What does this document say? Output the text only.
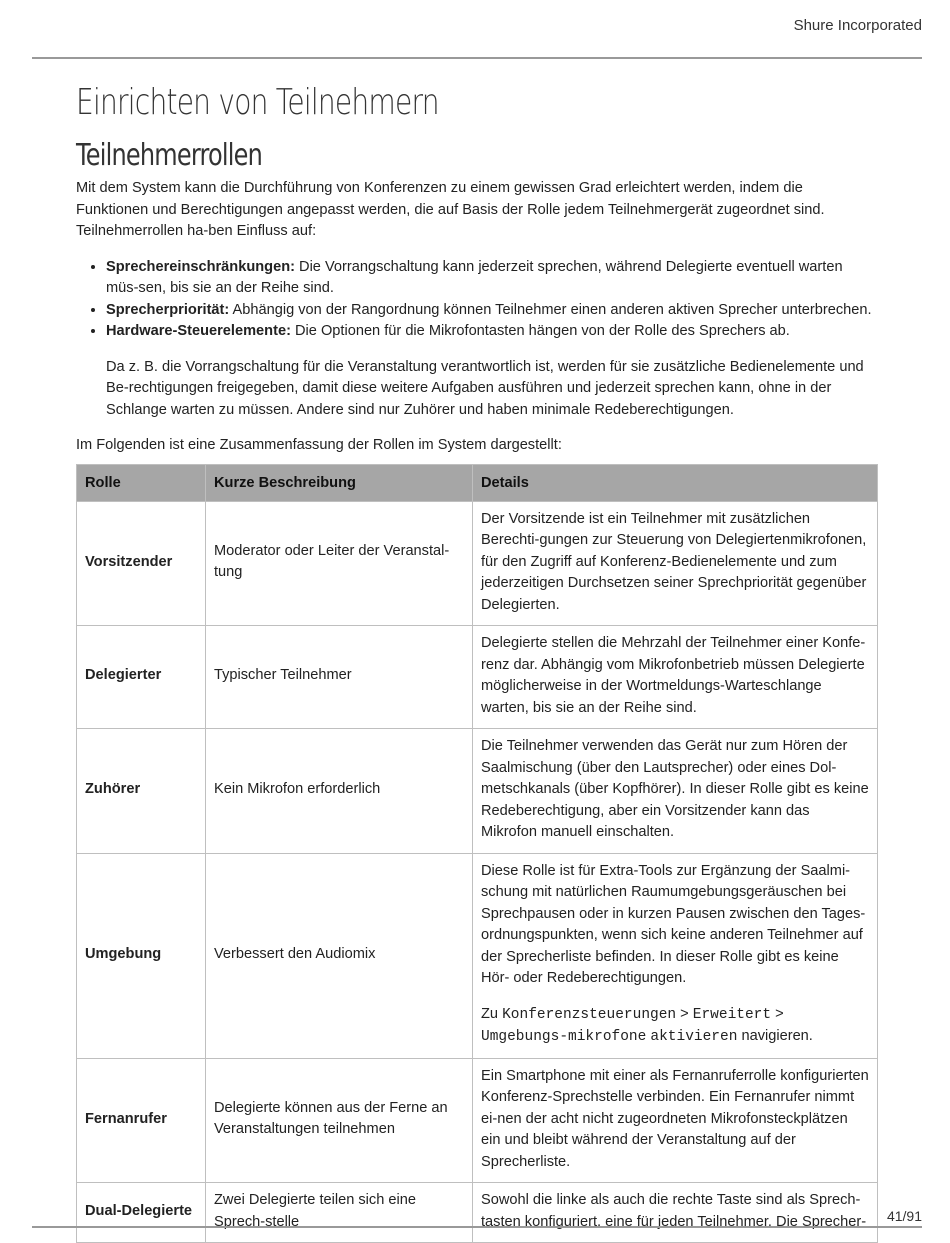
Shure Incorporated
Einrichten von Teilnehmern
Teilnehmerrollen

Mit dem System kann die Durchführung von Konferenzen zu einem gewissen Grad erleichtert werden, indem die Funktionen und Berechtigungen angepasst werden, die auf Basis der Rolle jedem Teilnehmergerät zugeordnet sind. Teilnehmerrollen ha-ben Einfluss auf:

• Sprechereinschränkungen: Die Vorrangschaltung kann jederzeit sprechen, während Delegierte eventuell warten müs-sen, bis sie an der Reihe sind.
• Sprecherpriorität: Abhängig von der Rangordnung können Teilnehmer einen anderen aktiven Sprecher unterbrechen.
• Hardware-Steuerelemente: Die Optionen für die Mikrofontasten hängen von der Rolle des Sprechers ab.

Da z. B. die Vorrangschaltung für die Veranstaltung verantwortlich ist, werden für sie zusätzliche Bedienelemente und Be-rechtigungen freigegeben, damit diese weitere Aufgaben ausführen und jederzeit sprechen kann, ohne in der Schlange warten zu müssen. Andere sind nur Zuhörer und haben minimale Redeberechtigungen.

Im Folgenden ist eine Zusammenfassung der Rollen im System dargestellt:

Rolle	Kurze Beschreibung	Details
Vorsitzender	Moderator oder Leiter der Veranstal-tung	Der Vorsitzende ist ein Teilnehmer mit zusätzlichen Berechti-gungen zur Steuerung von Delegiertenmikrofonen, für den Zugriff auf Konferenz-Bedienelemente und zum jederzeitigen Durchsetzen seiner Sprechpriorität gegenüber Delegierten.
Delegierter	Typischer Teilnehmer	Delegierte stellen die Mehrzahl der Teilnehmer einer Konfe-renz dar. Abhängig vom Mikrofonbetrieb müssen Delegierte möglicherweise in der Wortmeldungs-Warteschlange warten, bis sie an der Reihe sind.
Zuhörer	Kein Mikrofon erforderlich	Die Teilnehmer verwenden das Gerät nur zum Hören der Saalmischung (über den Lautsprecher) oder eines Dol-metschkanals (über Kopfhörer). In dieser Rolle gibt es keine Redeberechtigung, aber ein Vorsitzender kann das Mikrofon manuell einschalten.
Umgebung	Verbessert den Audiomix	Diese Rolle ist für Extra-Tools zur Ergänzung der Saalmi-schung mit natürlichen Raumumgebungsgeräuschen bei Sprechpausen oder in kurzen Pausen zwischen den Tages-ordnungspunkten, wenn sich keine anderen Teilnehmer auf der Sprecherliste befinden. In dieser Rolle gibt es keine Hör- oder Redeberechtigungen.
Zu Konferenzsteuerungen > Erweitert > Umgebungs-mikrofone aktivieren navigieren.

Fernanrufer	Delegierte können aus der Ferne an Veranstaltungen teilnehmen	Ein Smartphone mit einer als Fernanruferrolle konfigurierten Konferenz-Sprechstelle verbinden. Ein Fernanrufer nimmt ei-nen der acht nicht zugeordneten Mikrofonsteckplätzen ein und bleibt während der Veranstaltung auf der Sprecherliste.
Dual-Delegierte	Zwei Delegierte teilen sich eine Sprech-stelle	Sowohl die linke als auch die rechte Taste sind als Sprech-tasten konfiguriert, eine für jeden Teilnehmer. Die Sprecher- 41/91
